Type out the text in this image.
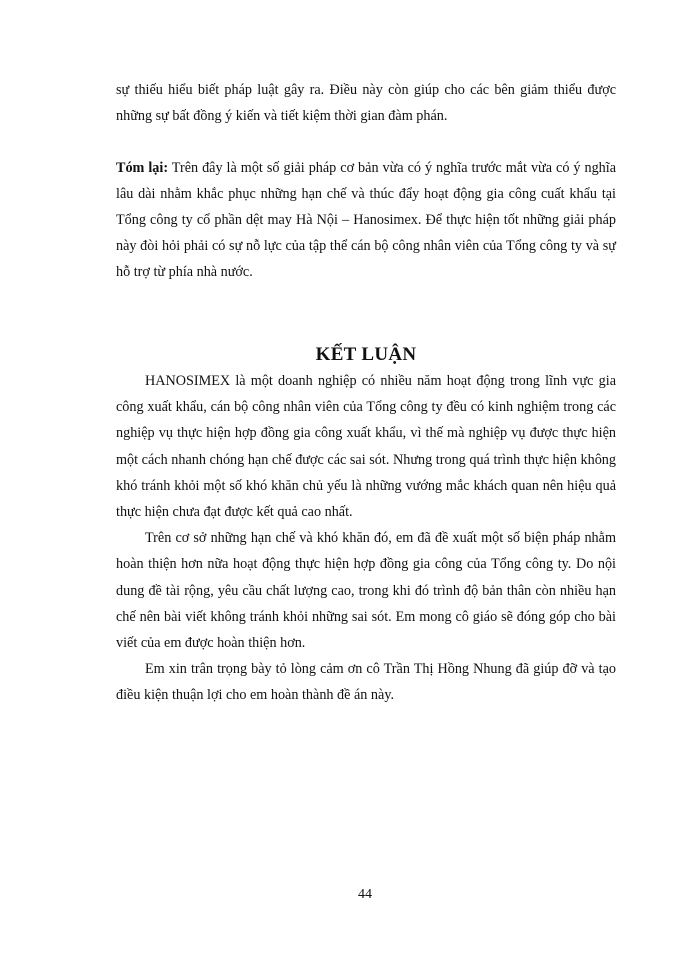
sự thiếu hiểu biết pháp luật gây ra. Điều này còn giúp cho các bên giảm thiểu được những sự bất đồng ý kiến và tiết kiệm thời gian đàm phán.

Tóm lại: Trên đây là một số giải pháp cơ bản vừa có ý nghĩa trước mắt vừa có ý nghĩa lâu dài nhằm khắc phục những hạn chế và thúc đẩy hoạt động gia công cuất khẩu tại Tổng công ty cổ phần dệt may Hà Nội – Hanosimex. Để thực hiện tốt những giải pháp này đòi hỏi phải có sự nỗ lực của tập thể cán bộ công nhân viên của Tổng công ty và sự hỗ trợ từ phía nhà nước.

KẾT LUẬN

HANOSIMEX là một doanh nghiệp có nhiều năm hoạt động trong lĩnh vực gia công xuất khẩu, cán bộ công nhân viên của Tổng công ty đều có kinh nghiệm trong các nghiệp vụ thực hiện hợp đồng gia công xuất khẩu, vì thế mà nghiệp vụ được thực hiện một cách nhanh chóng hạn chế được các sai sót. Nhưng trong quá trình thực hiện không khó tránh khỏi một số khó khăn chủ yếu là những vướng mắc khách quan nên hiệu quả thực hiện chưa đạt được kết quả cao nhất.

Trên cơ sở những hạn chế và khó khăn đó, em đã đề xuất một số biện pháp nhằm hoàn thiện hơn nữa hoạt động thực hiện hợp đồng gia công của Tổng công ty. Do nội dung đề tài rộng, yêu cầu chất lượng cao, trong khi đó trình độ bản thân còn nhiều hạn chế nên bài viết không tránh khỏi những sai sót. Em mong cô giáo sẽ đóng góp cho bài viết của em được hoàn thiện hơn.

Em xin trân trọng bày tỏ lòng cảm ơn cô Trần Thị Hồng Nhung đã giúp đỡ và tạo điều kiện thuận lợi cho em hoàn thành đề án này.

44
